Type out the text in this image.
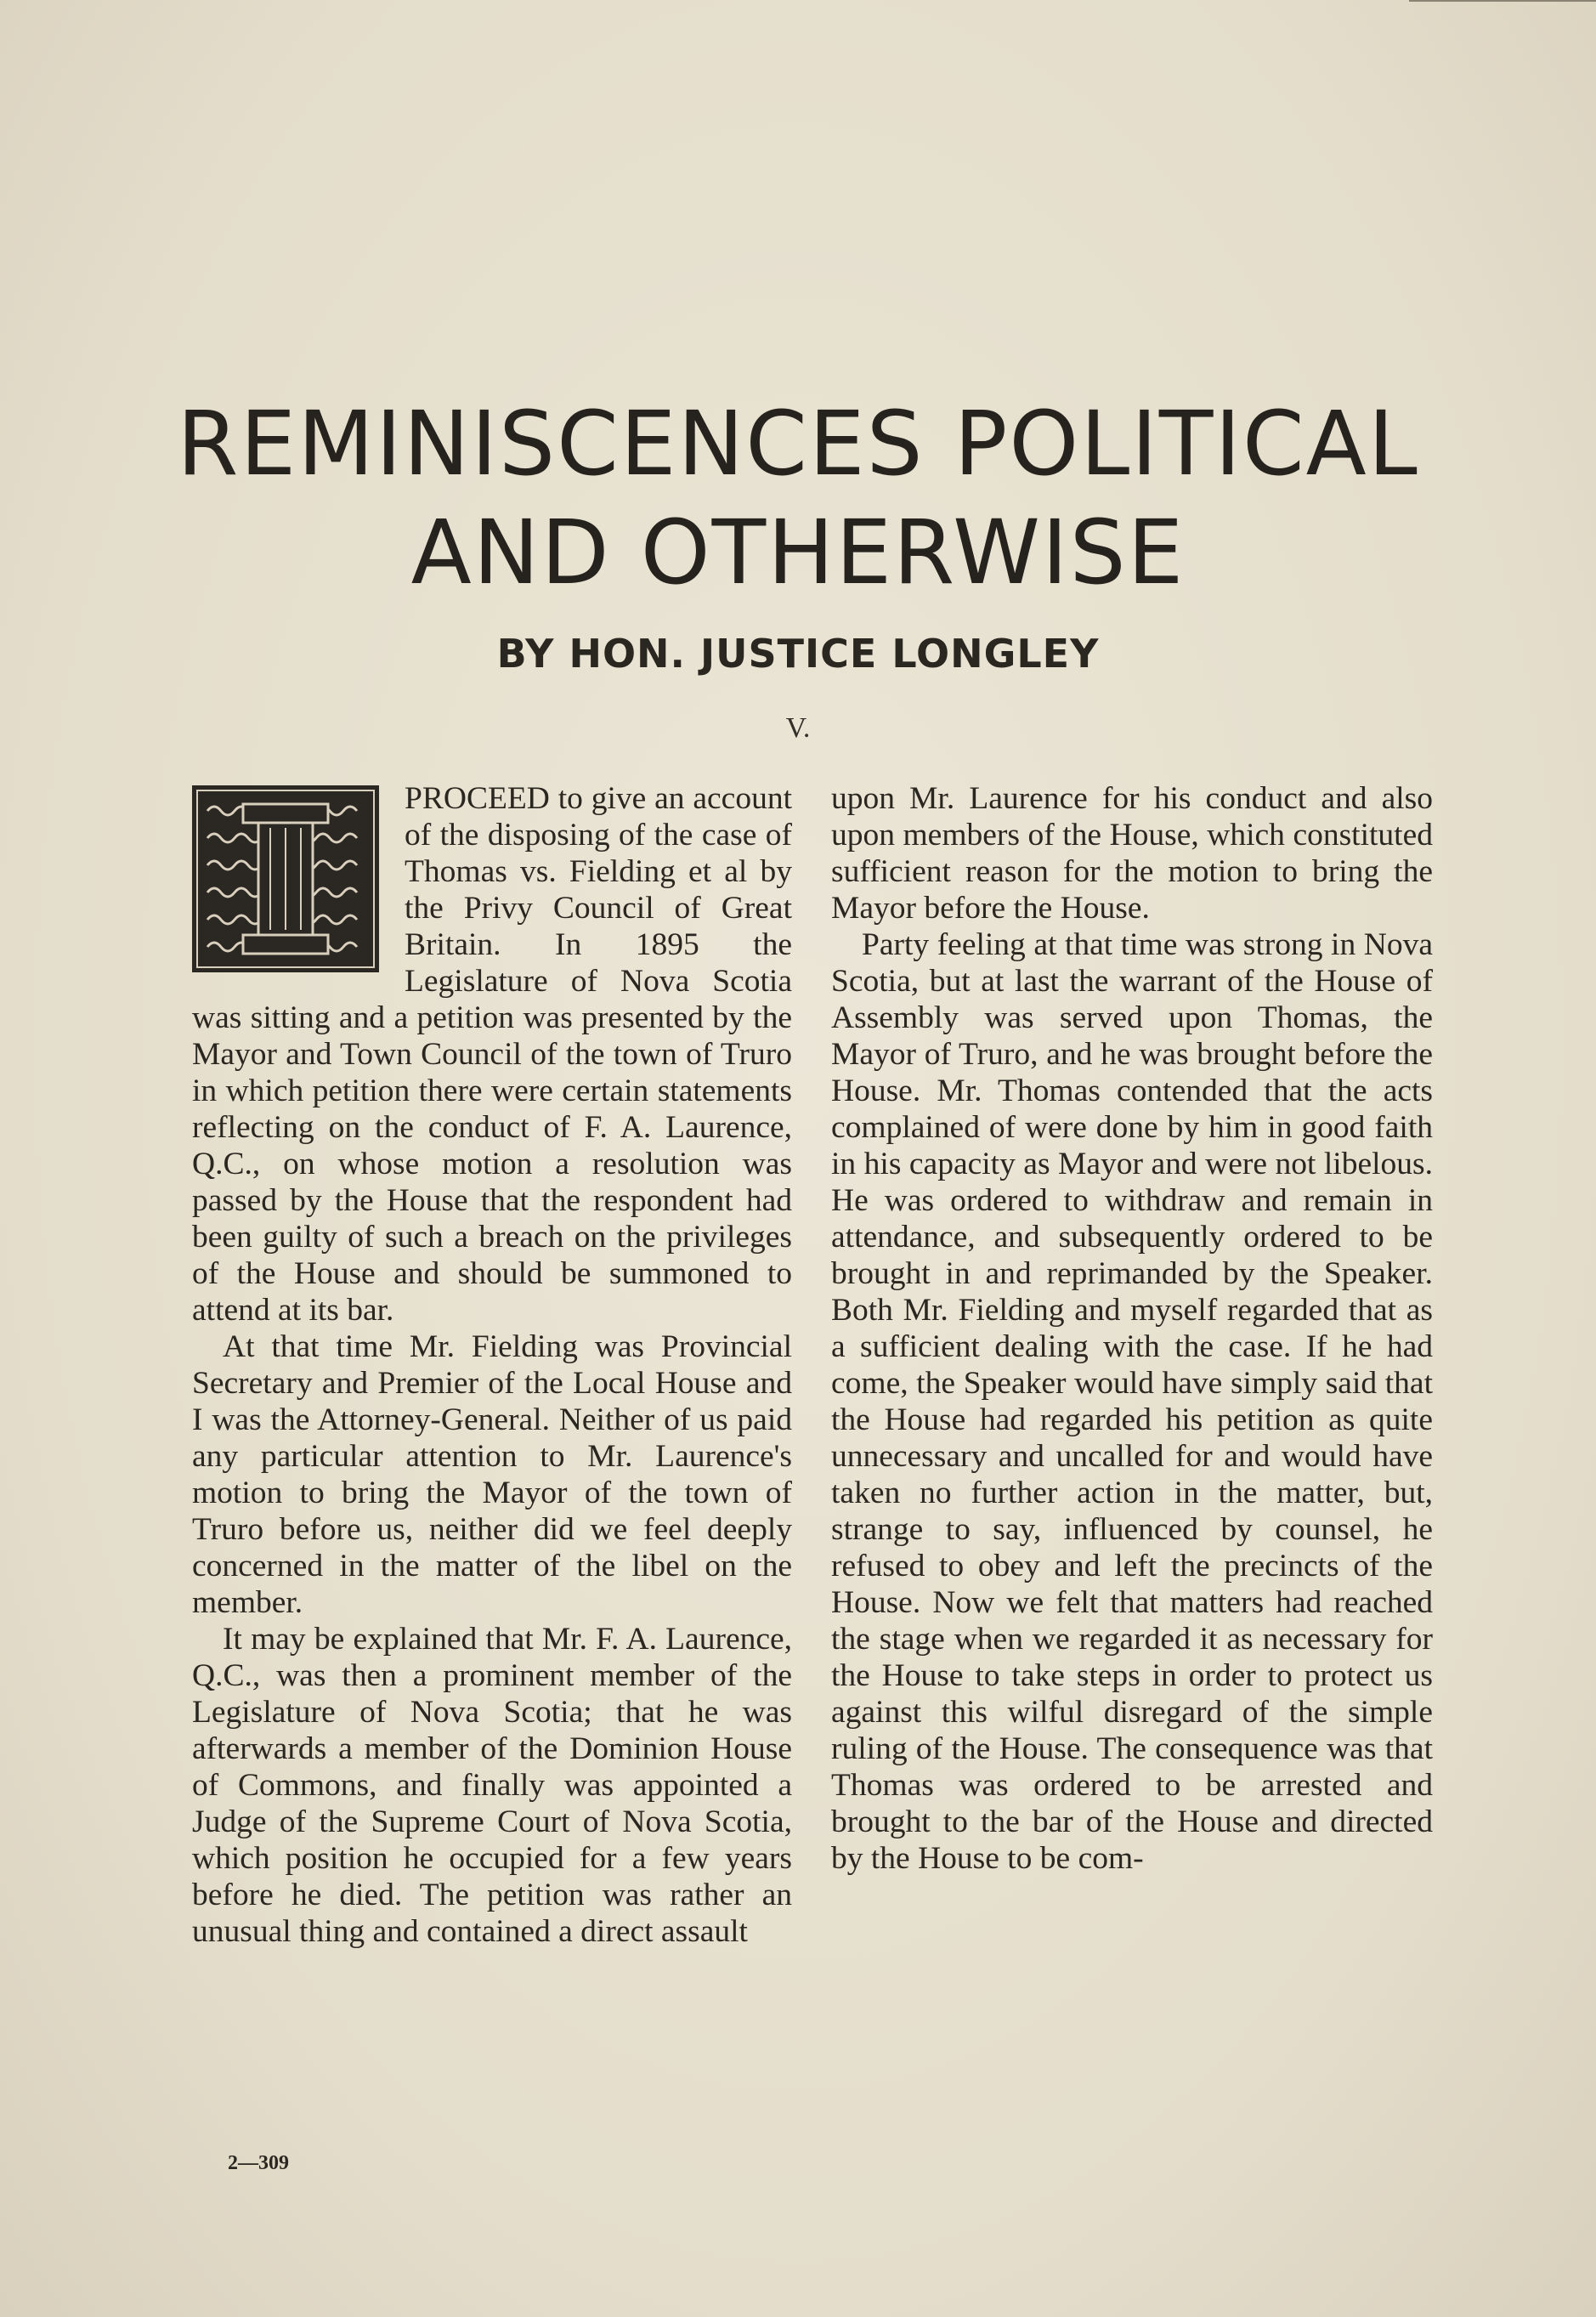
REMINISCENCES POLITICAL
AND OTHERWISE
BY HON. JUSTICE LONGLEY
V.

PROCEED to give an account of the disposing of the case of Thomas vs. Fielding et al by the Privy Council of Great Britain. In 1895 the Legislature of Nova Scotia was sitting and a petition was presented by the Mayor and Town Council of the town of Truro in which petition there were certain statements reflecting on the conduct of F. A. Laurence, Q.C., on whose motion a resolution was passed by the House that the respondent had been guilty of such a breach on the privileges of the House and should be summoned to attend at its bar.

At that time Mr. Fielding was Provincial Secretary and Premier of the Local House and I was the Attorney-General. Neither of us paid any particular attention to Mr. Laurence's motion to bring the Mayor of the town of Truro before us, neither did we feel deeply concerned in the matter of the libel on the member.

It may be explained that Mr. F. A. Laurence, Q.C., was then a prominent member of the Legislature of Nova Scotia; that he was afterwards a member of the Dominion House of Commons, and finally was appointed a Judge of the Supreme Court of Nova Scotia, which position he occupied for a few years before he died. The petition was rather an unusual thing and contained a direct assault

upon Mr. Laurence for his conduct and also upon members of the House, which constituted sufficient reason for the motion to bring the Mayor before the House.

Party feeling at that time was strong in Nova Scotia, but at last the warrant of the House of Assembly was served upon Thomas, the Mayor of Truro, and he was brought before the House. Mr. Thomas contended that the acts complained of were done by him in good faith in his capacity as Mayor and were not libelous. He was ordered to withdraw and remain in attendance, and subsequently ordered to be brought in and reprimanded by the Speaker. Both Mr. Fielding and myself regarded that as a sufficient dealing with the case. If he had come, the Speaker would have simply said that the House had regarded his petition as quite unnecessary and uncalled for and would have taken no further action in the matter, but, strange to say, influenced by counsel, he refused to obey and left the precincts of the House. Now we felt that matters had reached the stage when we regarded it as necessary for the House to take steps in order to protect us against this wilful disregard of the simple ruling of the House. The consequence was that Thomas was ordered to be arrested and brought to the bar of the House and directed by the House to be com-

2—309
